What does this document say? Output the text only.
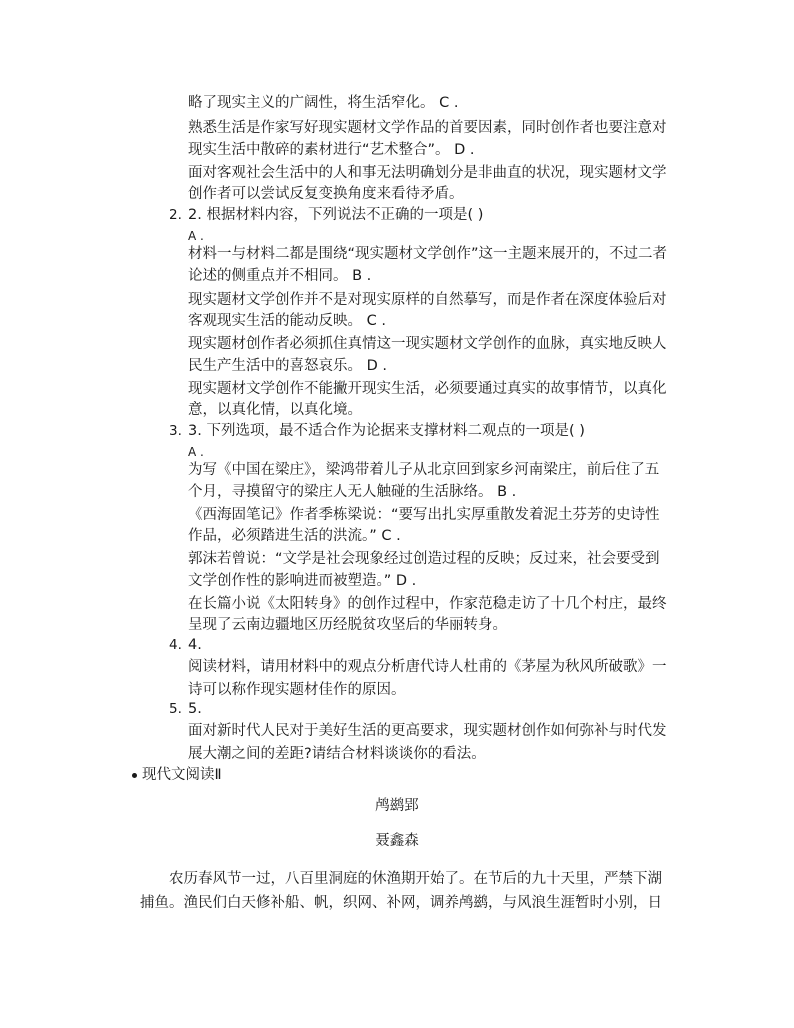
略了现实主义的广阔性，将生活窄化。 C .
熟悉生活是作家写好现实题材文学作品的首要因素，同时创作者也要注意对
现实生活中散碎的素材进行“艺术整合”。 D .
面对客观社会生活中的人和事无法明确划分是非曲直的状况，现实题材文学
创作者可以尝试反复变换角度来看待矛盾。
2. 2. 根据材料内容，下列说法不正确的一项是( )
A .
材料一与材料二都是围绕“现实题材文学创作”这一主题来展开的，不过二者
论述的侧重点并不相同。 B .
现实题材文学创作并不是对现实原样的自然摹写，而是作者在深度体验后对
客观现实生活的能动反映。 C .
现实题材创作者必须抓住真情这一现实题材文学创作的血脉，真实地反映人
民生产生活中的喜怒哀乐。 D .
现实题材文学创作不能撇开现实生活，必须要通过真实的故事情节，以真化
意，以真化情，以真化境。
3. 3. 下列选项，最不适合作为论据来支撑材料二观点的一项是( )
A .
为写《中国在梁庄》，梁鸿带着儿子从北京回到家乡河南梁庄，前后住了五
个月，寻摸留守的梁庄人无人触碰的生活脉络。 B .
《西海固笔记》作者季栋梁说：“要写出扎实厚重散发着泥土芬芳的史诗性
作品，必须踏进生活的洪流。” C .
郭沫若曾说：“文学是社会现象经过创造过程的反映；反过来，社会要受到
文学创作性的影响进而被塑造。” D .
在长篇小说《太阳转身》的创作过程中，作家范稳走访了十几个村庄，最终
呈现了云南边疆地区历经脱贫攻坚后的华丽转身。
4. 4.
阅读材料，请用材料中的观点分析唐代诗人杜甫的《茅屋为秋风所破歌》一
诗可以称作现实题材佳作的原因。
5. 5.
面对新时代人民对于美好生活的更高要求，现实题材创作如何弥补与时代发
展大潮之间的差距?请结合材料谈谈你的看法。
现代文阅读Ⅱ
鸬鹚郢
聂鑫森
农历春风节一过，八百里洞庭的休渔期开始了。在节后的九十天里，严禁下湖
捕鱼。渔民们白天修补船、帆，织网、补网，调养鸬鹚，与风浪生涯暂时小别，日
